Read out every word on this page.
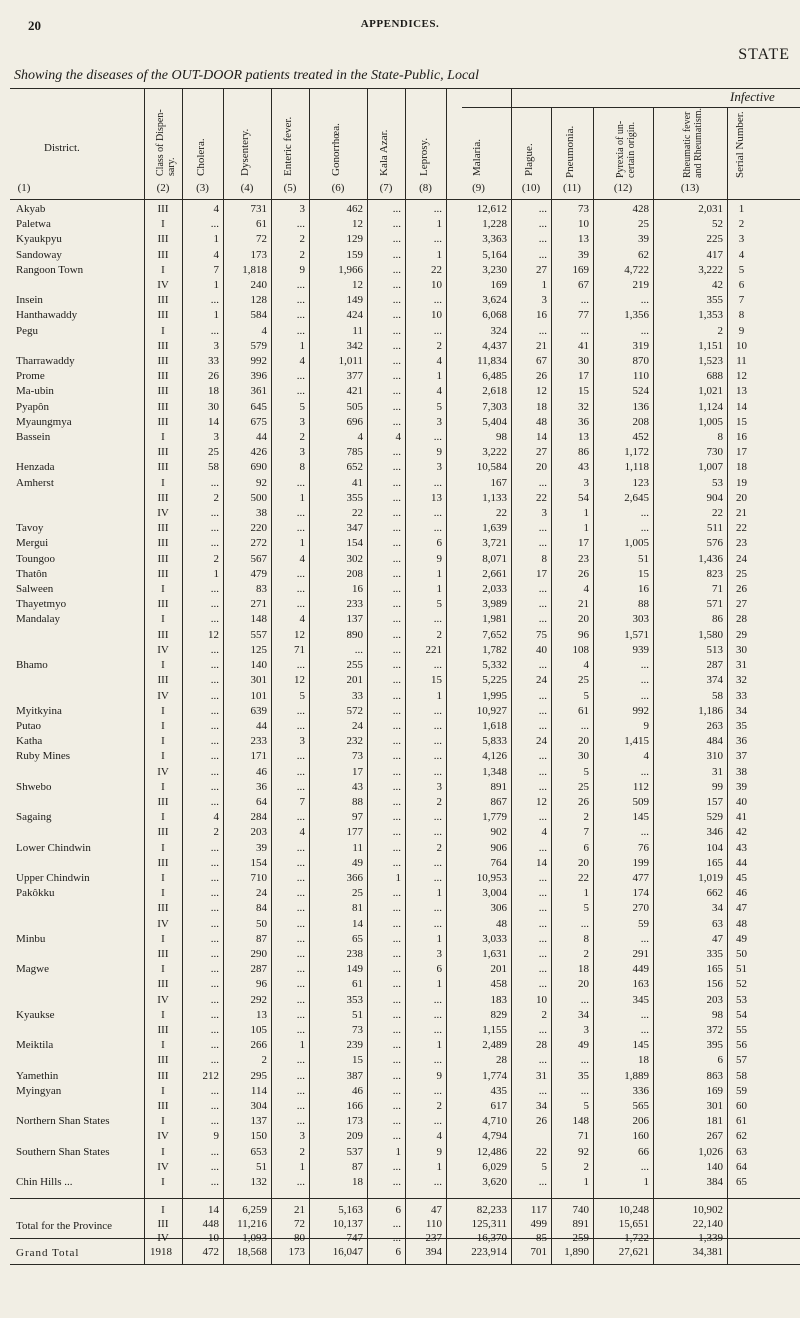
20	APPENDICES.
STATE
Showing the diseases of the OUT-DOOR patients treated in the State-Public, Local
Infective
District.
(1)
Class of Dispen-sary.
(2)
Cholera.
(3)
Dysentery.
(4)
Enteric fever.
(5)
Gonorrhœa.
(6)
Kala Azar.
(7)
Leprosy.
(8)
Malaria.
(9)
Plague.
(10)
Pneumonia.
(11)
Pyrexia of un-certain origin.
(12)
Rheumatic fever and Rheumatism.
(13)
Serial Number.
Akyab	III	4	731	3	462	...	...	12,612	...	73	428	2,031	1
Paletwa	I	...	61	...	12	...	1	1,228	...	10	25	52	2
Kyaukpyu	III	1	72	2	129	...	...	3,363	...	13	39	225	3
Sandoway	III	4	173	2	159	...	1	5,164	...	39	62	417	4
Rangoon Town	I	7	1,818	9	1,966	...	22	3,230	27	169	4,722	3,222	5
	IV	1	240	...	12	...	10	169	1	67	219	42	6
Insein	III	...	128	...	149	...	...	3,624	3	...	...	355	7
Hanthawaddy	III	1	584	...	424	...	10	6,068	16	77	1,356	1,353	8
Pegu	I	...	4	...	11	...	...	324	...	...	...	2	9
	III	3	579	1	342	...	2	4,437	21	41	319	1,151	10
Tharrawaddy	III	33	992	4	1,011	...	4	11,834	67	30	870	1,523	11
Prome	III	26	396	...	377	...	1	6,485	26	17	110	688	12
Ma-ubin	III	18	361	...	421	...	4	2,618	12	15	524	1,021	13
Pyapôn	III	30	645	5	505	...	5	7,303	18	32	136	1,124	14
Myaungmya	III	14	675	3	696	...	3	5,404	48	36	208	1,005	15
Bassein	I	3	44	2	4	4	...	98	14	13	452	8	16
	III	25	426	3	785	...	9	3,222	27	86	1,172	730	17
Henzada	III	58	690	8	652	...	3	10,584	20	43	1,118	1,007	18
Amherst	I	...	92	...	41	...	...	167	...	3	123	53	19
	III	2	500	1	355	...	13	1,133	22	54	2,645	904	20
	IV	...	38	...	22	...	...	22	3	1	...	22	21
Tavoy	III	...	220	...	347	...	...	1,639	...	1	...	511	22
Mergui	III	...	272	1	154	...	6	3,721	...	17	1,005	576	23
Toungoo	III	2	567	4	302	...	9	8,071	8	23	51	1,436	24
Thatôn	III	1	479	...	208	...	1	2,661	17	26	15	823	25
Salween	I	...	83	...	16	...	1	2,033	...	4	16	71	26
Thayetmyo	III	...	271	...	233	...	5	3,989	...	21	88	571	27
Mandalay	I	...	148	4	137	...	...	1,981	...	20	303	86	28
	III	12	557	12	890	...	2	7,652	75	96	1,571	1,580	29
	IV	...	125	71	...	...	221	1,782	40	108	939	513	30
Bhamo	I	...	140	...	255	...	...	5,332	...	4	...	287	31
	III	...	301	12	201	...	15	5,225	24	25	...	374	32
	IV	...	101	5	33	...	1	1,995	...	5	...	58	33
Myitkyina	I	...	639	...	572	...	...	10,927	...	61	992	1,186	34
Putao	I	...	44	...	24	...	...	1,618	...	...	9	263	35
Katha	I	...	233	3	232	...	...	5,833	24	20	1,415	484	36
Ruby Mines	I	...	171	...	73	...	...	4,126	...	30	4	310	37
	IV	...	46	...	17	...	...	1,348	...	5	...	31	38
Shwebo	I	...	36	...	43	...	3	891	...	25	112	99	39
	III	...	64	7	88	...	2	867	12	26	509	157	40
Sagaing	I	4	284	...	97	...	...	1,779	...	2	145	529	41
	III	2	203	4	177	...	...	902	4	7	...	346	42
Lower Chindwin	I	...	39	...	11	...	2	906	...	6	76	104	43
	III	...	154	...	49	...	...	764	14	20	199	165	44
Upper Chindwin	I	...	710	...	366	1	...	10,953	...	22	477	1,019	45
Pakôkku	I	...	24	...	25	...	1	3,004	...	1	174	662	46
	III	...	84	...	81	...	...	306	...	5	270	34	47
	IV	...	50	...	14	...	...	48	...	...	59	63	48
Minbu	I	...	87	...	65	...	1	3,033	...	8	...	47	49
	III	...	290	...	238	...	3	1,631	...	2	291	335	50
Magwe	I	...	287	...	149	...	6	201	...	18	449	165	51
	III	...	96	...	61	...	1	458	...	20	163	156	52
	IV	...	292	...	353	...	...	183	10	...	345	203	53
Kyaukse	I	...	13	...	51	...	...	829	2	34	...	98	54
	III	...	105	...	73	...	...	1,155	...	3	...	372	55
Meiktila	I	...	266	1	239	...	1	2,489	28	49	145	395	56
	III	...	2	...	15	...	...	28	...	...	18	6	57
Yamethin	III	212	295	...	387	...	9	1,774	31	35	1,889	863	58
Myingyan	I	...	114	...	46	...	...	435	...	...	336	169	59
	III	...	304	...	166	...	2	617	34	5	565	301	60
Northern Shan States	I	...	137	...	173	...	...	4,710	26	148	206	181	61
	IV	9	150	3	209	...	4	4,794		71	160	267	62
Southern Shan States	I	...	653	2	537	1	9	12,486	22	92	66	1,026	63
	IV	...	51	1	87	...	1	6,029	5	2	...	140	64
Chin Hills ...	I	...	132	...	18	...	...	3,620	...	1	1	384	65
Total for the Province
	I	14	6,259	21	5,163	6	47	82,233	117	740	10,248	10,902
	III	448	11,216	72	10,137	...	110	125,311	499	891	15,651	22,140
	IV	10	1,093	80	747	...	237	16,370	85	259	1,722	1,339
Grand Total
		1918	472	18,568	173	16,047	6	394	223,914	701	1,890	27,621	34,381
